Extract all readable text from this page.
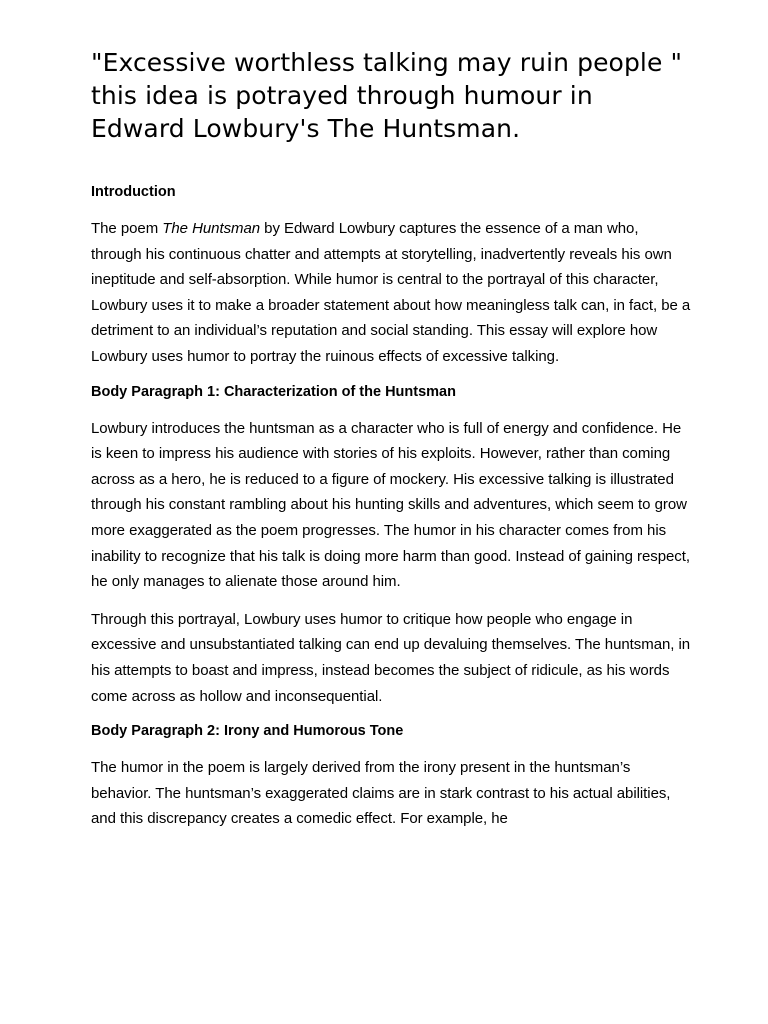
"Excessive worthless talking may ruin people " this idea is potrayed through humour in Edward Lowbury's The Huntsman.
Introduction

The poem The Huntsman by Edward Lowbury captures the essence of a man who, through his continuous chatter and attempts at storytelling, inadvertently reveals his own ineptitude and self-absorption. While humor is central to the portrayal of this character, Lowbury uses it to make a broader statement about how meaningless talk can, in fact, be a detriment to an individual’s reputation and social standing. This essay will explore how Lowbury uses humor to portray the ruinous effects of excessive talking.

Body Paragraph 1: Characterization of the Huntsman

Lowbury introduces the huntsman as a character who is full of energy and confidence. He is keen to impress his audience with stories of his exploits. However, rather than coming across as a hero, he is reduced to a figure of mockery. His excessive talking is illustrated through his constant rambling about his hunting skills and adventures, which seem to grow more exaggerated as the poem progresses. The humor in his character comes from his inability to recognize that his talk is doing more harm than good. Instead of gaining respect, he only manages to alienate those around him.

Through this portrayal, Lowbury uses humor to critique how people who engage in excessive and unsubstantiated talking can end up devaluing themselves. The huntsman, in his attempts to boast and impress, instead becomes the subject of ridicule, as his words come across as hollow and inconsequential.

Body Paragraph 2: Irony and Humorous Tone

The humor in the poem is largely derived from the irony present in the huntsman’s behavior. The huntsman’s exaggerated claims are in stark contrast to his actual abilities, and this discrepancy creates a comedic effect. For example, he
